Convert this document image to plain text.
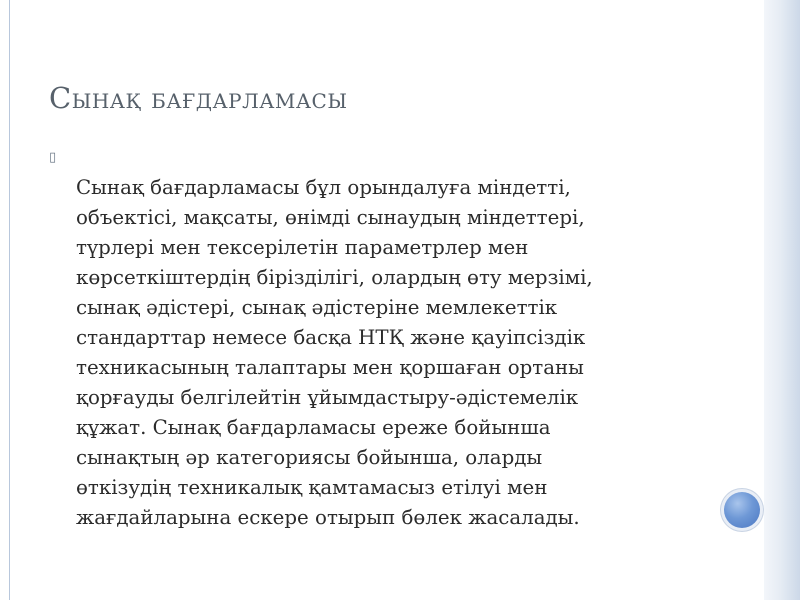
Сынақ бағдарламасы

▯
Сынақ бағдарламасы бұл орындалуға міндетті,
объектісі, мақсаты, өнімді сынаудың міндеттері,
түрлері мен тексерілетін параметрлер мен
көрсеткіштердің біріздiлiгі, олардың өту мерзімі,
сынақ әдістері, сынақ әдістеріне мемлекеттік
стандарттар немесе басқа НТҚ және қауіпсіздік
техникасының талаптары мен қоршаған ортаны
қорғауды белгілейтін ұйымдастыру-әдістемелік
құжат. Сынақ бағдарламасы ереже бойынша
сынақтың әр категориясы бойынша, оларды
өткізудің техникалық қамтамасыз етілуі мен
жағдайларына ескере отырып бөлек жасалады.
